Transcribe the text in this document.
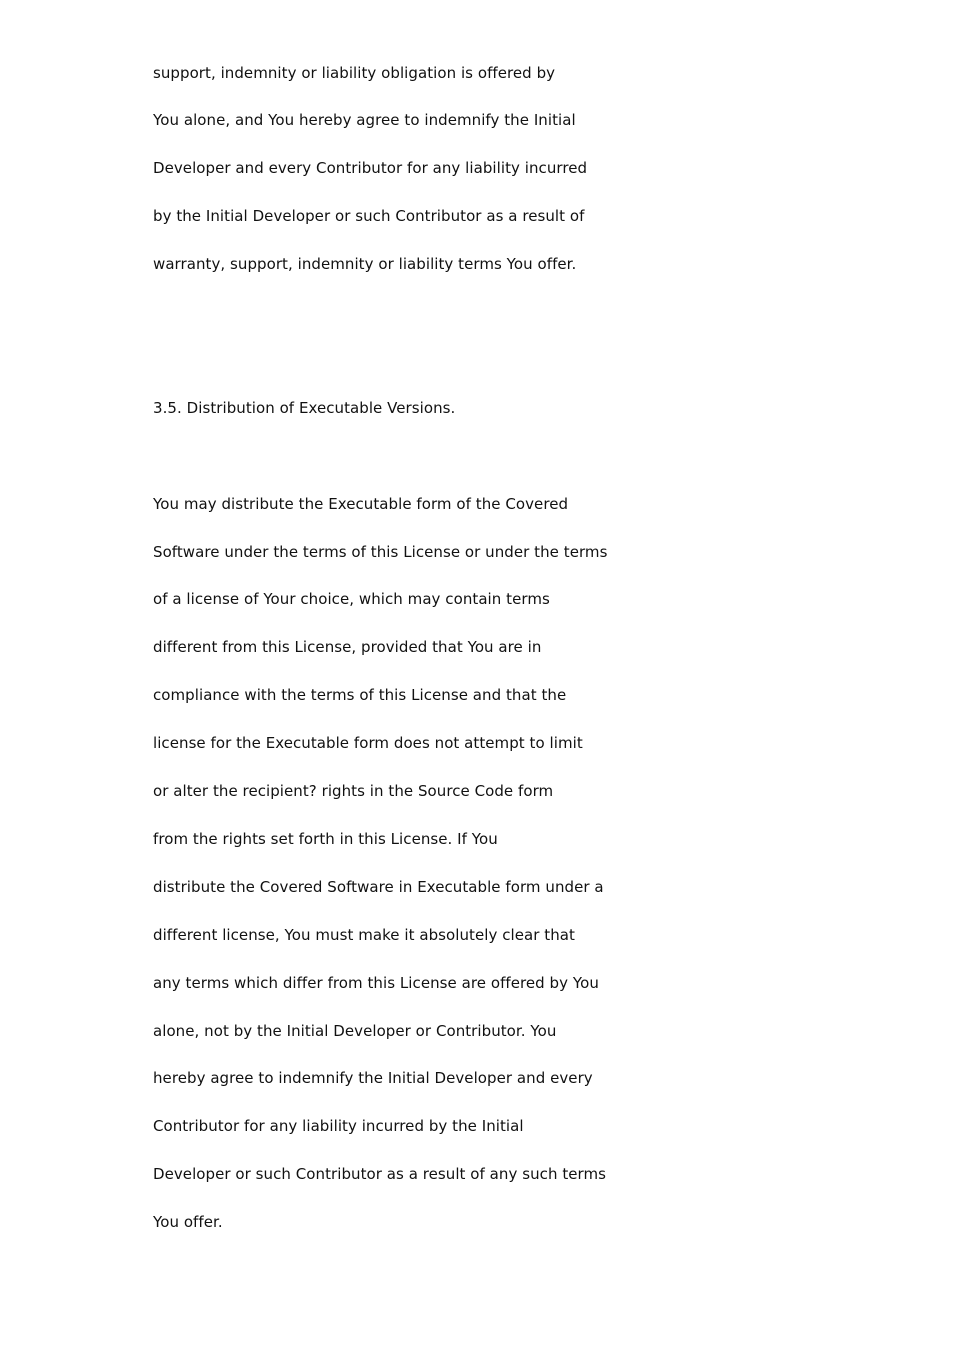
support, indemnity or liability obligation is offered by
You alone, and You hereby agree to indemnify the Initial
Developer and every Contributor for any liability incurred
by the Initial Developer or such Contributor as a result of
warranty, support, indemnity or liability terms You offer.
3.5. Distribution of Executable Versions.
You may distribute the Executable form of the Covered
Software under the terms of this License or under the terms
of a license of Your choice, which may contain terms
different from this License, provided that You are in
compliance with the terms of this License and that the
license for the Executable form does not attempt to limit
or alter the recipient? rights in the Source Code form
from the rights set forth in this License. If You
distribute the Covered Software in Executable form under a
different license, You must make it absolutely clear that
any terms which differ from this License are offered by You
alone, not by the Initial Developer or Contributor. You
hereby agree to indemnify the Initial Developer and every
Contributor for any liability incurred by the Initial
Developer or such Contributor as a result of any such terms
You offer.
